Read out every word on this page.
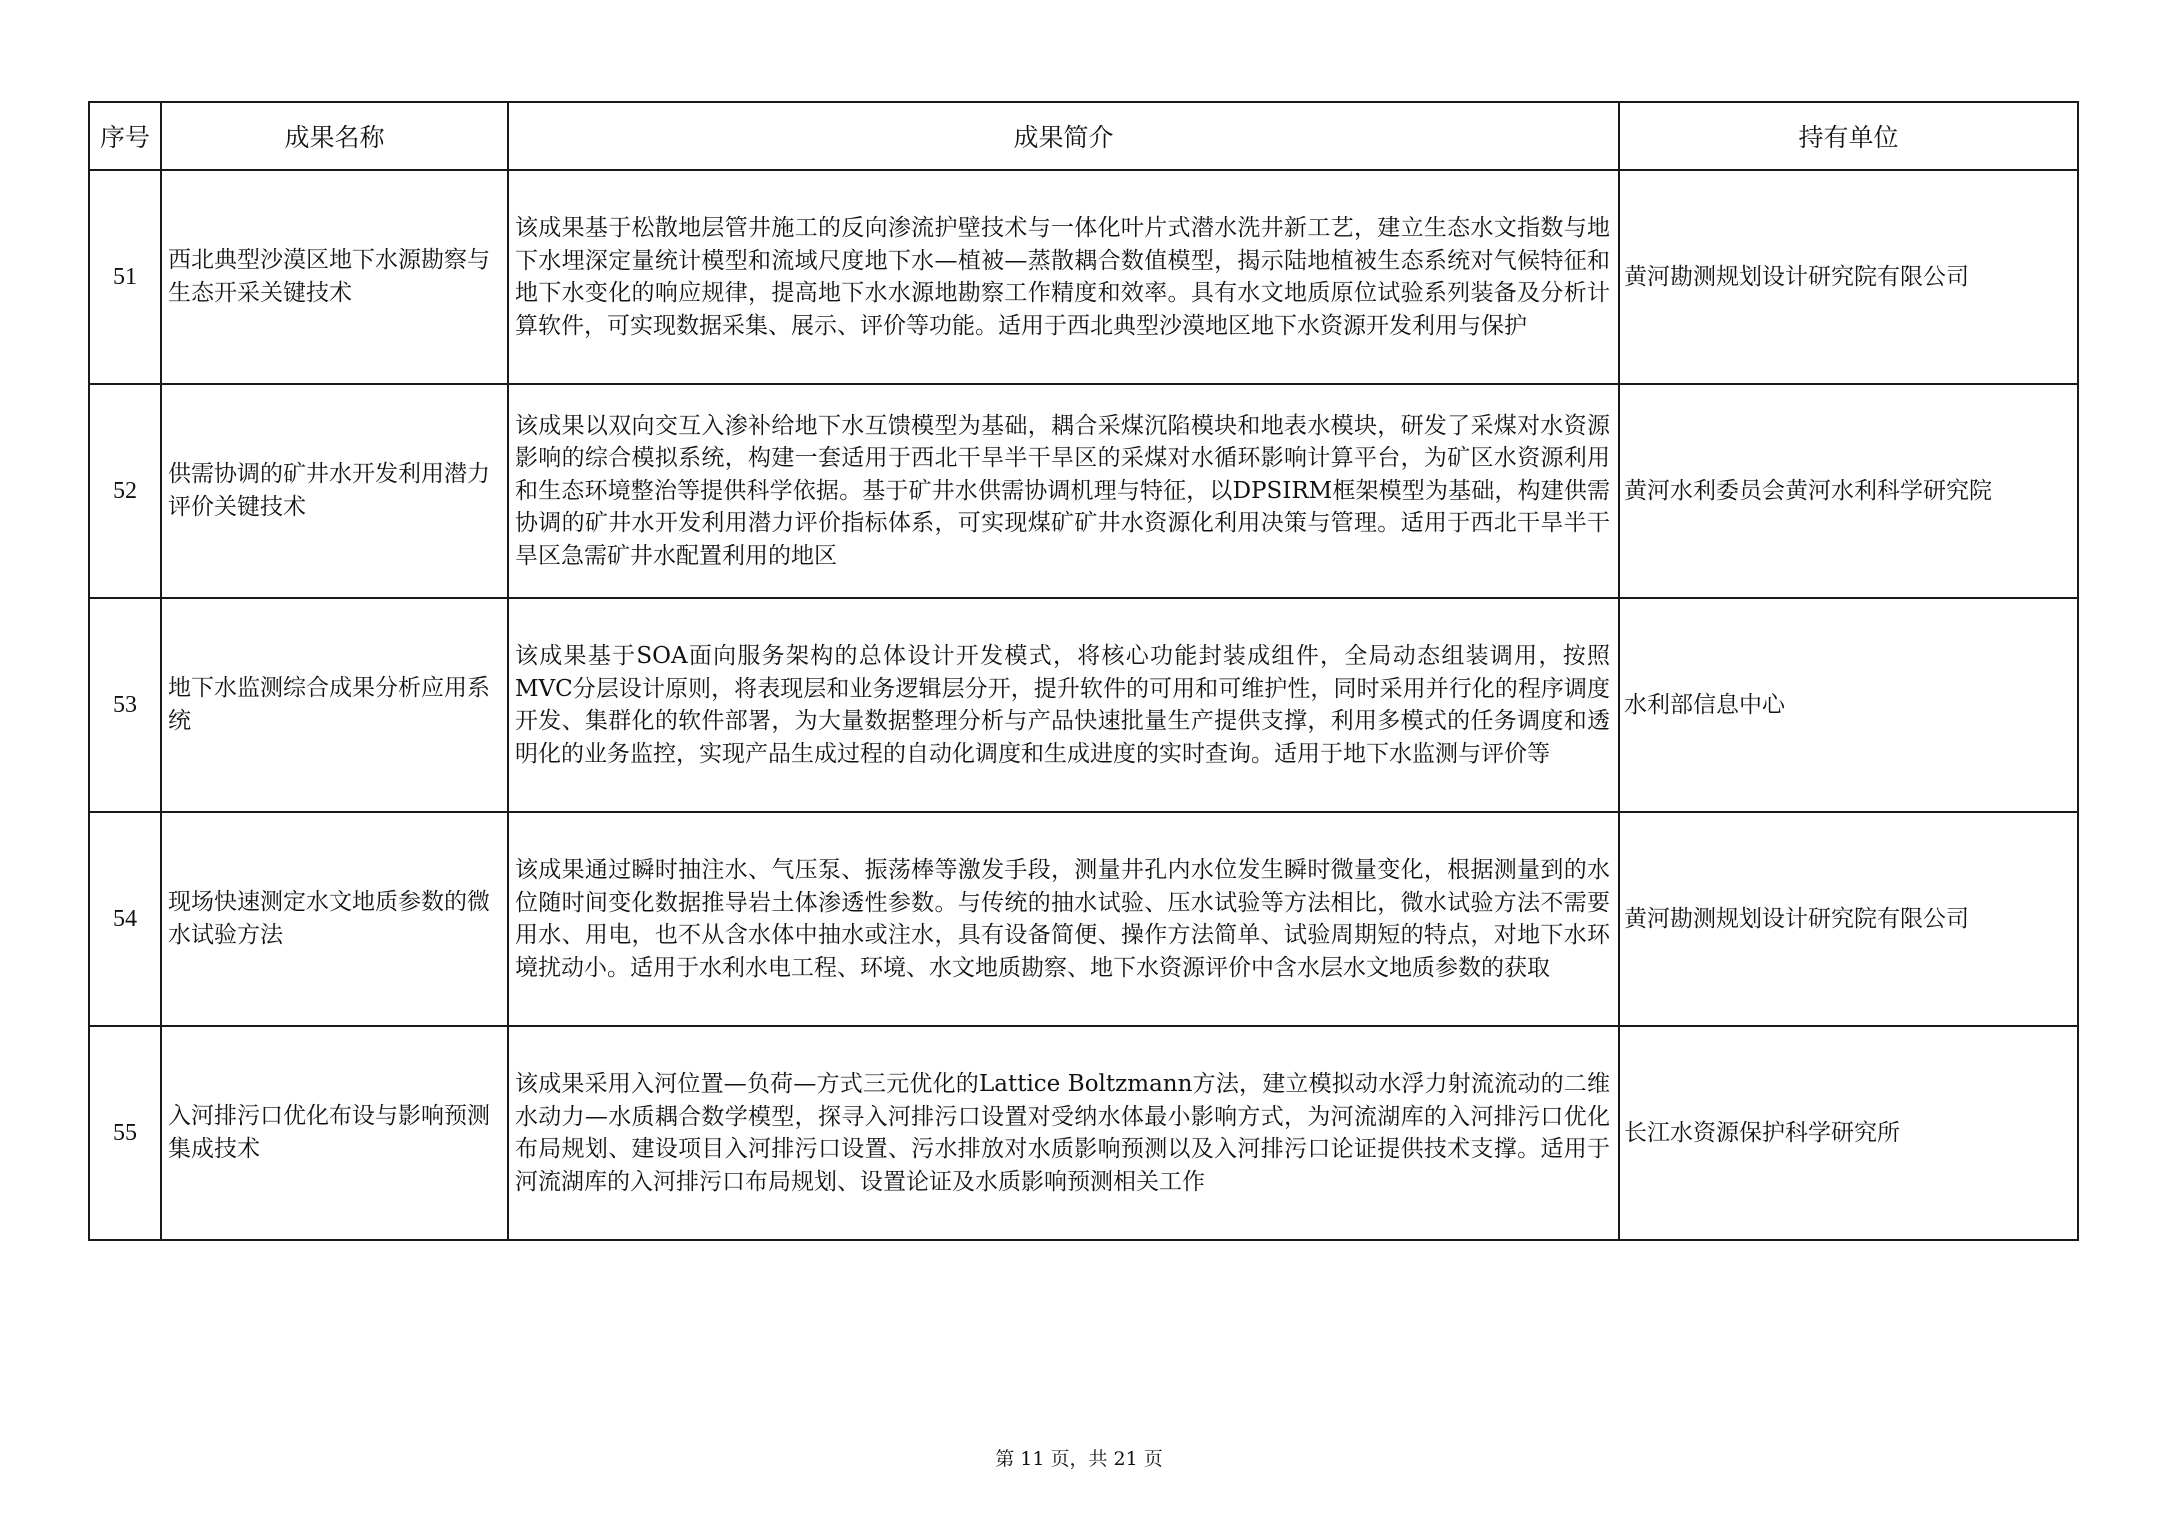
序号	成果名称	成果简介	持有单位
51	西北典型沙漠区地下水源勘察与生态开采关键技术	该成果基于松散地层管井施工的反向渗流护壁技术与一体化叶片式潜水洗井新工艺，建立生态水文指数与地下水埋深定量统计模型和流域尺度地下水—植被—蒸散耦合数值模型，揭示陆地植被生态系统对气候特征和地下水变化的响应规律，提高地下水水源地勘察工作精度和效率。具有水文地质原位试验系列装备及分析计算软件，可实现数据采集、展示、评价等功能。适用于西北典型沙漠地区地下水资源开发利用与保护	黄河勘测规划设计研究院有限公司
52	供需协调的矿井水开发利用潜力评价关键技术	该成果以双向交互入渗补给地下水互馈模型为基础，耦合采煤沉陷模块和地表水模块，研发了采煤对水资源影响的综合模拟系统，构建一套适用于西北干旱半干旱区的采煤对水循环影响计算平台，为矿区水资源利用和生态环境整治等提供科学依据。基于矿井水供需协调机理与特征，以DPSIRM框架模型为基础，构建供需协调的矿井水开发利用潜力评价指标体系，可实现煤矿矿井水资源化利用决策与管理。适用于西北干旱半干旱区急需矿井水配置利用的地区	黄河水利委员会黄河水利科学研究院
53	地下水监测综合成果分析应用系统	该成果基于SOA面向服务架构的总体设计开发模式，将核心功能封装成组件，全局动态组装调用，按照MVC分层设计原则，将表现层和业务逻辑层分开，提升软件的可用和可维护性，同时采用并行化的程序调度开发、集群化的软件部署，为大量数据整理分析与产品快速批量生产提供支撑，利用多模式的任务调度和透明化的业务监控，实现产品生成过程的自动化调度和生成进度的实时查询。适用于地下水监测与评价等	水利部信息中心
54	现场快速测定水文地质参数的微水试验方法	该成果通过瞬时抽注水、气压泵、振荡棒等激发手段，测量井孔内水位发生瞬时微量变化，根据测量到的水位随时间变化数据推导岩土体渗透性参数。与传统的抽水试验、压水试验等方法相比，微水试验方法不需要用水、用电，也不从含水体中抽水或注水，具有设备简便、操作方法简单、试验周期短的特点，对地下水环境扰动小。适用于水利水电工程、环境、水文地质勘察、地下水资源评价中含水层水文地质参数的获取	黄河勘测规划设计研究院有限公司
55	入河排污口优化布设与影响预测集成技术	该成果采用入河位置—负荷—方式三元优化的Lattice Boltzmann方法，建立模拟动水浮力射流流动的二维水动力—水质耦合数学模型，探寻入河排污口设置对受纳水体最小影响方式，为河流湖库的入河排污口优化布局规划、建设项目入河排污口设置、污水排放对水质影响预测以及入河排污口论证提供技术支撑。适用于河流湖库的入河排污口布局规划、设置论证及水质影响预测相关工作	长江水资源保护科学研究所
第 11 页，共 21 页
